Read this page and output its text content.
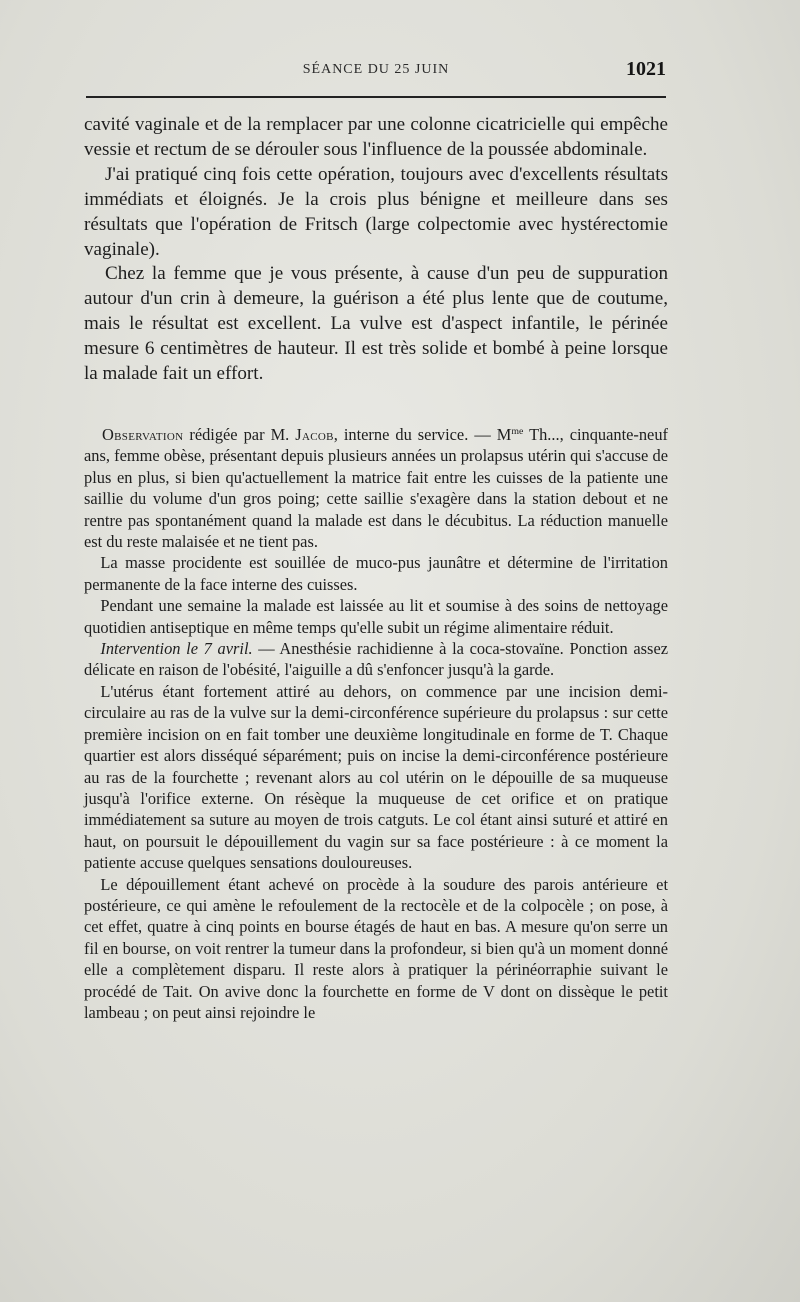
SÉANCE DU 25 JUIN	1021

cavité vaginale et de la remplacer par une colonne cicatricielle qui empêche vessie et rectum de se dérouler sous l'influence de la poussée abdominale.

J'ai pratiqué cinq fois cette opération, toujours avec d'excellents résultats immédiats et éloignés. Je la crois plus bénigne et meilleure dans ses résultats que l'opération de Fritsch (large colpectomie avec hystérectomie vaginale).

Chez la femme que je vous présente, à cause d'un peu de suppuration autour d'un crin à demeure, la guérison a été plus lente que de coutume, mais le résultat est excellent. La vulve est d'aspect infantile, le périnée mesure 6 centimètres de hauteur. Il est très solide et bombé à peine lorsque la malade fait un effort.

Observation rédigée par M. Jacob, interne du service. — $M^{me}$ Th..., cinquante-neuf ans, femme obèse, présentant depuis plusieurs années un prolapsus utérin qui s'accuse de plus en plus, si bien qu'actuellement la matrice fait entre les cuisses de la patiente une saillie du volume d'un gros poing; cette saillie s'exagère dans la station debout et ne rentre pas spontanément quand la malade est dans le décubitus. La réduction manuelle est du reste malaisée et ne tient pas.

La masse procidente est souillée de muco-pus jaunâtre et détermine de l'irritation permanente de la face interne des cuisses.

Pendant une semaine la malade est laissée au lit et soumise à des soins de nettoyage quotidien antiseptique en même temps qu'elle subit un régime alimentaire réduit.

Intervention le 7 avril. — Anesthésie rachidienne à la coca-stovaïne. Ponction assez délicate en raison de l'obésité, l'aiguille a dû s'enfoncer jusqu'à la garde.

L'utérus étant fortement attiré au dehors, on commence par une incision demi-circulaire au ras de la vulve sur la demi-circonférence supérieure du prolapsus : sur cette première incision on en fait tomber une deuxième longitudinale en forme de T. Chaque quartier est alors disséqué séparément; puis on incise la demi-circonférence postérieure au ras de la fourchette ; revenant alors au col utérin on le dépouille de sa muqueuse jusqu'à l'orifice externe. On résèque la muqueuse de cet orifice et on pratique immédiatement sa suture au moyen de trois catguts. Le col étant ainsi suturé et attiré en haut, on poursuit le dépouillement du vagin sur sa face postérieure : à ce moment la patiente accuse quelques sensations douloureuses.

Le dépouillement étant achevé on procède à la soudure des parois antérieure et postérieure, ce qui amène le refoulement de la rectocèle et de la colpocèle ; on pose, à cet effet, quatre à cinq points en bourse étagés de haut en bas. A mesure qu'on serre un fil en bourse, on voit rentrer la tumeur dans la profondeur, si bien qu'à un moment donné elle a complètement disparu. Il reste alors à pratiquer la périnéorraphie suivant le procédé de Tait. On avive donc la fourchette en forme de V dont on dissèque le petit lambeau ; on peut ainsi rejoindre le
